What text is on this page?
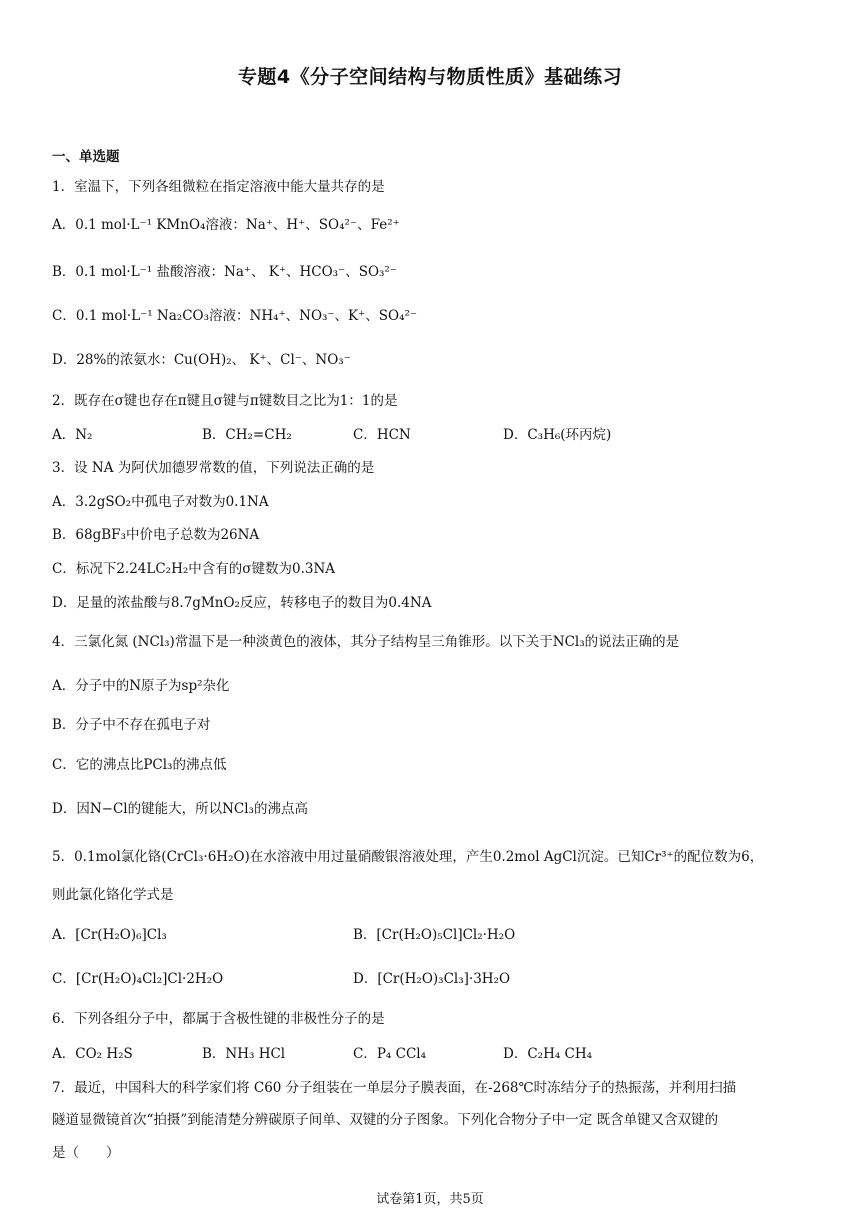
专题4《分子空间结构与物质性质》基础练习
一、单选题
1．室温下，下列各组微粒在指定溶液中能大量共存的是
A．0.1 mol·L⁻¹ KMnO₄溶液：Na⁺、H⁺、SO₄²⁻、Fe²⁺
B．0.1 mol·L⁻¹ 盐酸溶液：Na⁺、 K⁺、HCO₃⁻、SO₃²⁻
C．0.1 mol·L⁻¹ Na₂CO₃溶液：NH₄⁺、NO₃⁻、K⁺、SO₄²⁻
D．28%的浓氨水：Cu(OH)₂、 K⁺、Cl⁻、NO₃⁻
2．既存在σ键也存在π键且σ键与π键数目之比为1：1的是
A．N₂	B．CH₂=CH₂	C．HCN	D．C₃H₆(环丙烷)
3．设 NA 为阿伏加德罗常数的值，下列说法正确的是
A．3.2gSO₂中孤电子对数为0.1NA
B．68gBF₃中价电子总数为26NA
C．标况下2.24LC₂H₂中含有的σ键数为0.3NA
D．足量的浓盐酸与8.7gMnO₂反应，转移电子的数目为0.4NA
4．三氯化氮 (NCl₃)常温下是一种淡黄色的液体，其分子结构呈三角锥形。以下关于NCl₃的说法正确的是
A．分子中的N原子为sp²杂化
B．分子中不存在孤电子对
C．它的沸点比PCl₃的沸点低
D．因N−Cl的键能大，所以NCl₃的沸点高
5．0.1mol氯化铬(CrCl₃·6H₂O)在水溶液中用过量硝酸银溶液处理，产生0.2mol AgCl沉淀。已知Cr³⁺的配位数为6，
则此氯化铬化学式是
A．[Cr(H₂O)₆]Cl₃	B．[Cr(H₂O)₅Cl]Cl₂·H₂O
C．[Cr(H₂O)₄Cl₂]Cl·2H₂O	D．[Cr(H₂O)₃Cl₃]·3H₂O
6．下列各组分子中，都属于含极性键的非极性分子的是
A．CO₂ H₂S	B．NH₃ HCl	C．P₄ CCl₄	D．C₂H₄ CH₄
7．最近，中国科大的科学家们将 C60 分子组装在一单层分子膜表面，在-268℃时冻结分子的热振荡，并利用扫描
隧道显微镜首次“拍摄”到能清楚分辨碳原子间单、双键的分子图象。下列化合物分子中一定 既含单键又含双键的
是（　　）
试卷第1页，共5页
